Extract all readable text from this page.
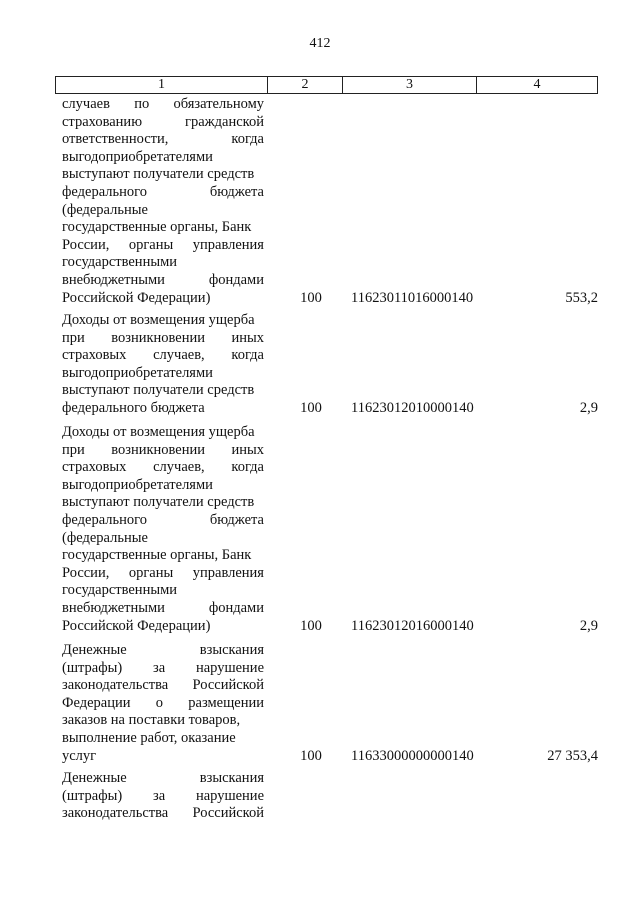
412
1	2	3	4
случаев по обязательному
страхованию	гражданской
ответственности,	когда
выгодоприобретателями
выступают получатели средств
федерального	бюджета
(федеральные
государственные органы, Банк
России, органы управления
государственными
внебюджетными	фондами
Российской Федерации)	100 11623011016000140	553,2
Доходы от возмещения ущерба
при возникновении иных
страховых случаев, когда
выгодоприобретателями
выступают получатели средств
федерального бюджета	100 11623012010000140	2,9
Доходы от возмещения ущерба
при возникновении иных
страховых случаев, когда
выгодоприобретателями
выступают получатели средств
федерального	бюджета
(федеральные
государственные органы, Банк
России, органы управления
государственными
внебюджетными	фондами
Российской Федерации)	100 11623012016000140	2,9
Денежные	взыскания
(штрафы) за нарушение
законодательства Российской
Федерации о размещении
заказов на поставки товаров,
выполнение работ, оказание
услуг	100 11633000000000140	27 353,4
Денежные	взыскания
(штрафы) за нарушение
законодательства Российской
